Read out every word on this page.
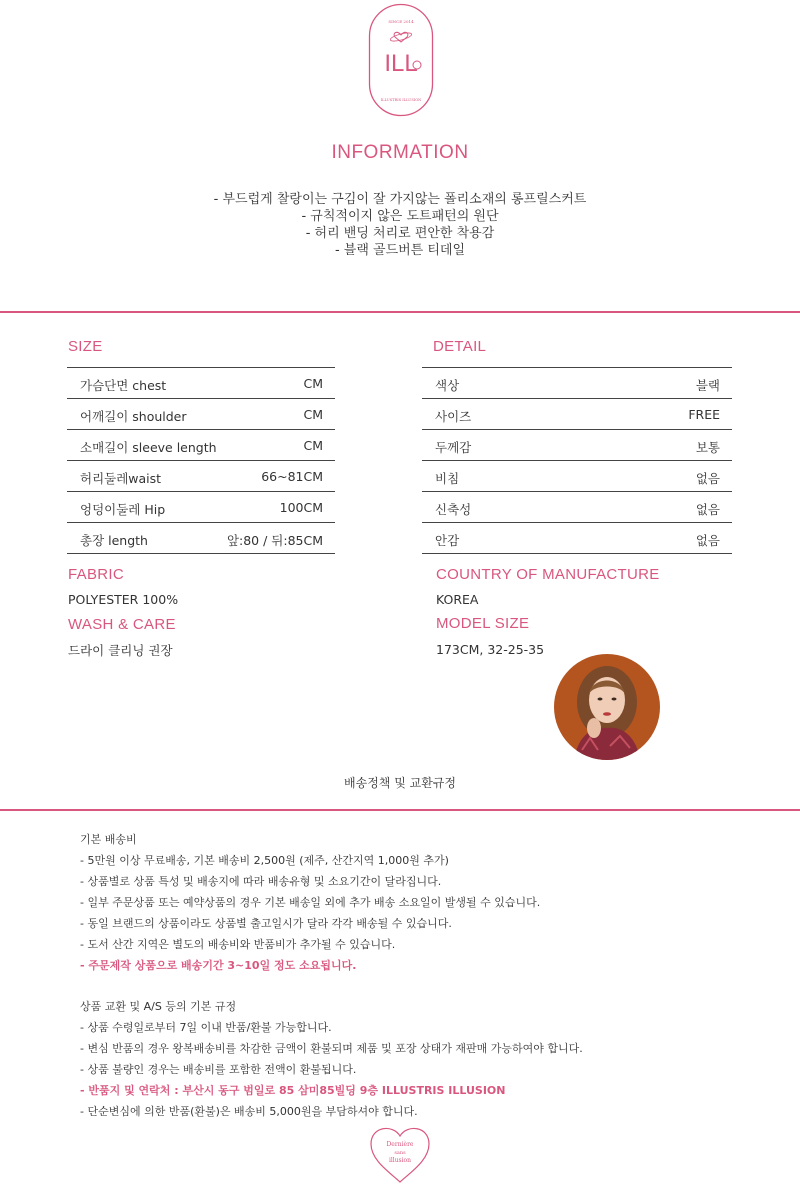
SINCE 2014
ILL
ILLUSTRIS ILLUSION
INFORMATION
- 부드럽게 찰랑이는 구김이 잘 가지않는 폴리소재의 롱프릴스커트
- 규칙적이지 않은 도트패턴의 원단
- 허리 밴딩 처리로 편안한 착용감
- 블랙 골드버튼 티데일
SIZE
가슴단면 chest	CM
어깨길이 shoulder	CM
소매길이 sleeve length	CM
허리둘레waist	66~81CM
엉덩이둘레 Hip	100CM
총장 length	앞:80 / 뒤:85CM
DETAIL
색상	블랙
사이즈	FREE
두께감	보통
비침	없음
신축성	없음
안감	없음
FABRIC
POLYESTER 100%
WASH & CARE
드라이 클리닝 권장
COUNTRY OF MANUFACTURE
KOREA
MODEL SIZE
173CM, 32-25-35
배송정책 및 교환규정
기본 배송비
- 5만원 이상 무료배송, 기본 배송비 2,500원 (제주, 산간지역 1,000원 추가)
- 상품별로 상품 특성 및 배송지에 따라 배송유형 및 소요기간이 달라집니다.
- 일부 주문상품 또는 예약상품의 경우 기본 배송일 외에 추가 배송 소요일이 발생될 수 있습니다.
- 동일 브랜드의 상품이라도 상품별 출고일시가 달라 각각 배송될 수 있습니다.
- 도서 산간 지역은 별도의 배송비와 반품비가 추가될 수 있습니다.
- 주문제작 상품으로 배송기간 3~10일 정도 소요됩니다.
상품 교환 및 A/S 등의 기본 규정
- 상품 수령일로부터 7일 이내 반품/환불 가능합니다.
- 변심 반품의 경우 왕복배송비를 차감한 금액이 환불되며 제품 및 포장 상태가 재판매 가능하여야 합니다.
- 상품 불량인 경우는 배송비를 포함한 전액이 환불됩니다.
- 반품지 및 연락처 : 부산시 동구 범일로 85 삼미85빌딩 9층 ILLUSTRIS ILLUSION
- 단순변심에 의한 반품(환불)은 배송비 5,000원을 부담하셔야 합니다.
Dernière
sans
illusion
